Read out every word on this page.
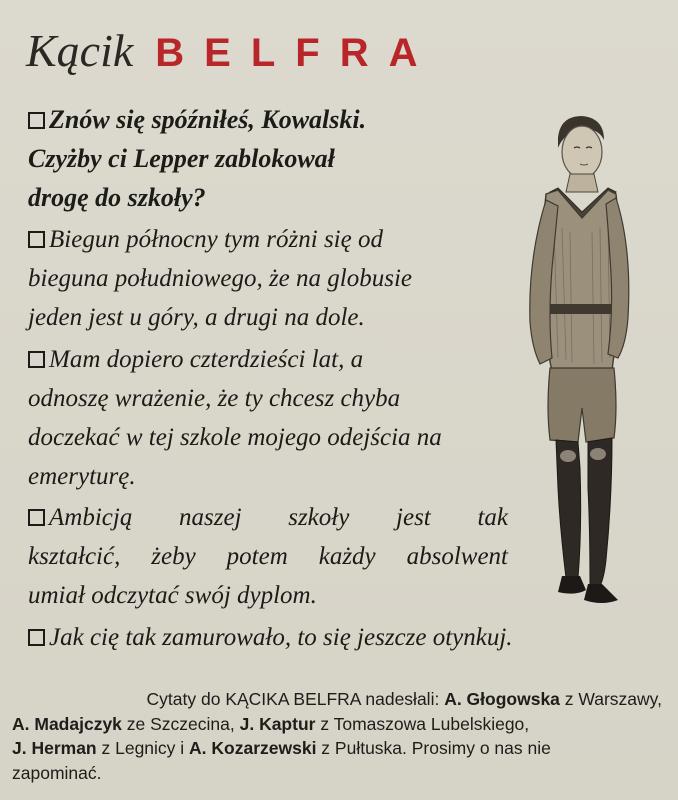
Kącik BELFRA
Znów się spóźniłeś, Kowalski.
Czyżby ci Lepper zablokował
drogę do szkoły?
Biegun północny tym różni się od
bieguna południowego, że na globusie
jeden jest u góry, a drugi na dole.
Mam dopiero czterdzieści lat, a
odnoszę wrażenie, że ty chcesz chyba
doczekać w tej szkole mojego odejścia na
emeryturę.
Ambicją naszej szkoły jest tak
kształcić, żeby potem każdy absolwent
umiał odczytać swój dyplom.
Jak cię tak zamurowało, to się jeszcze otynkuj.
Cytaty do KĄCIKA BELFRA nadesłali: A. Głogowska z Warszawy,
A. Madajczyk ze Szczecina, J. Kaptur z Tomaszowa Lubelskiego,
J. Herman z Legnicy i A. Kozarzewski z Pułtuska. Prosimy o nas nie
zapominać.
